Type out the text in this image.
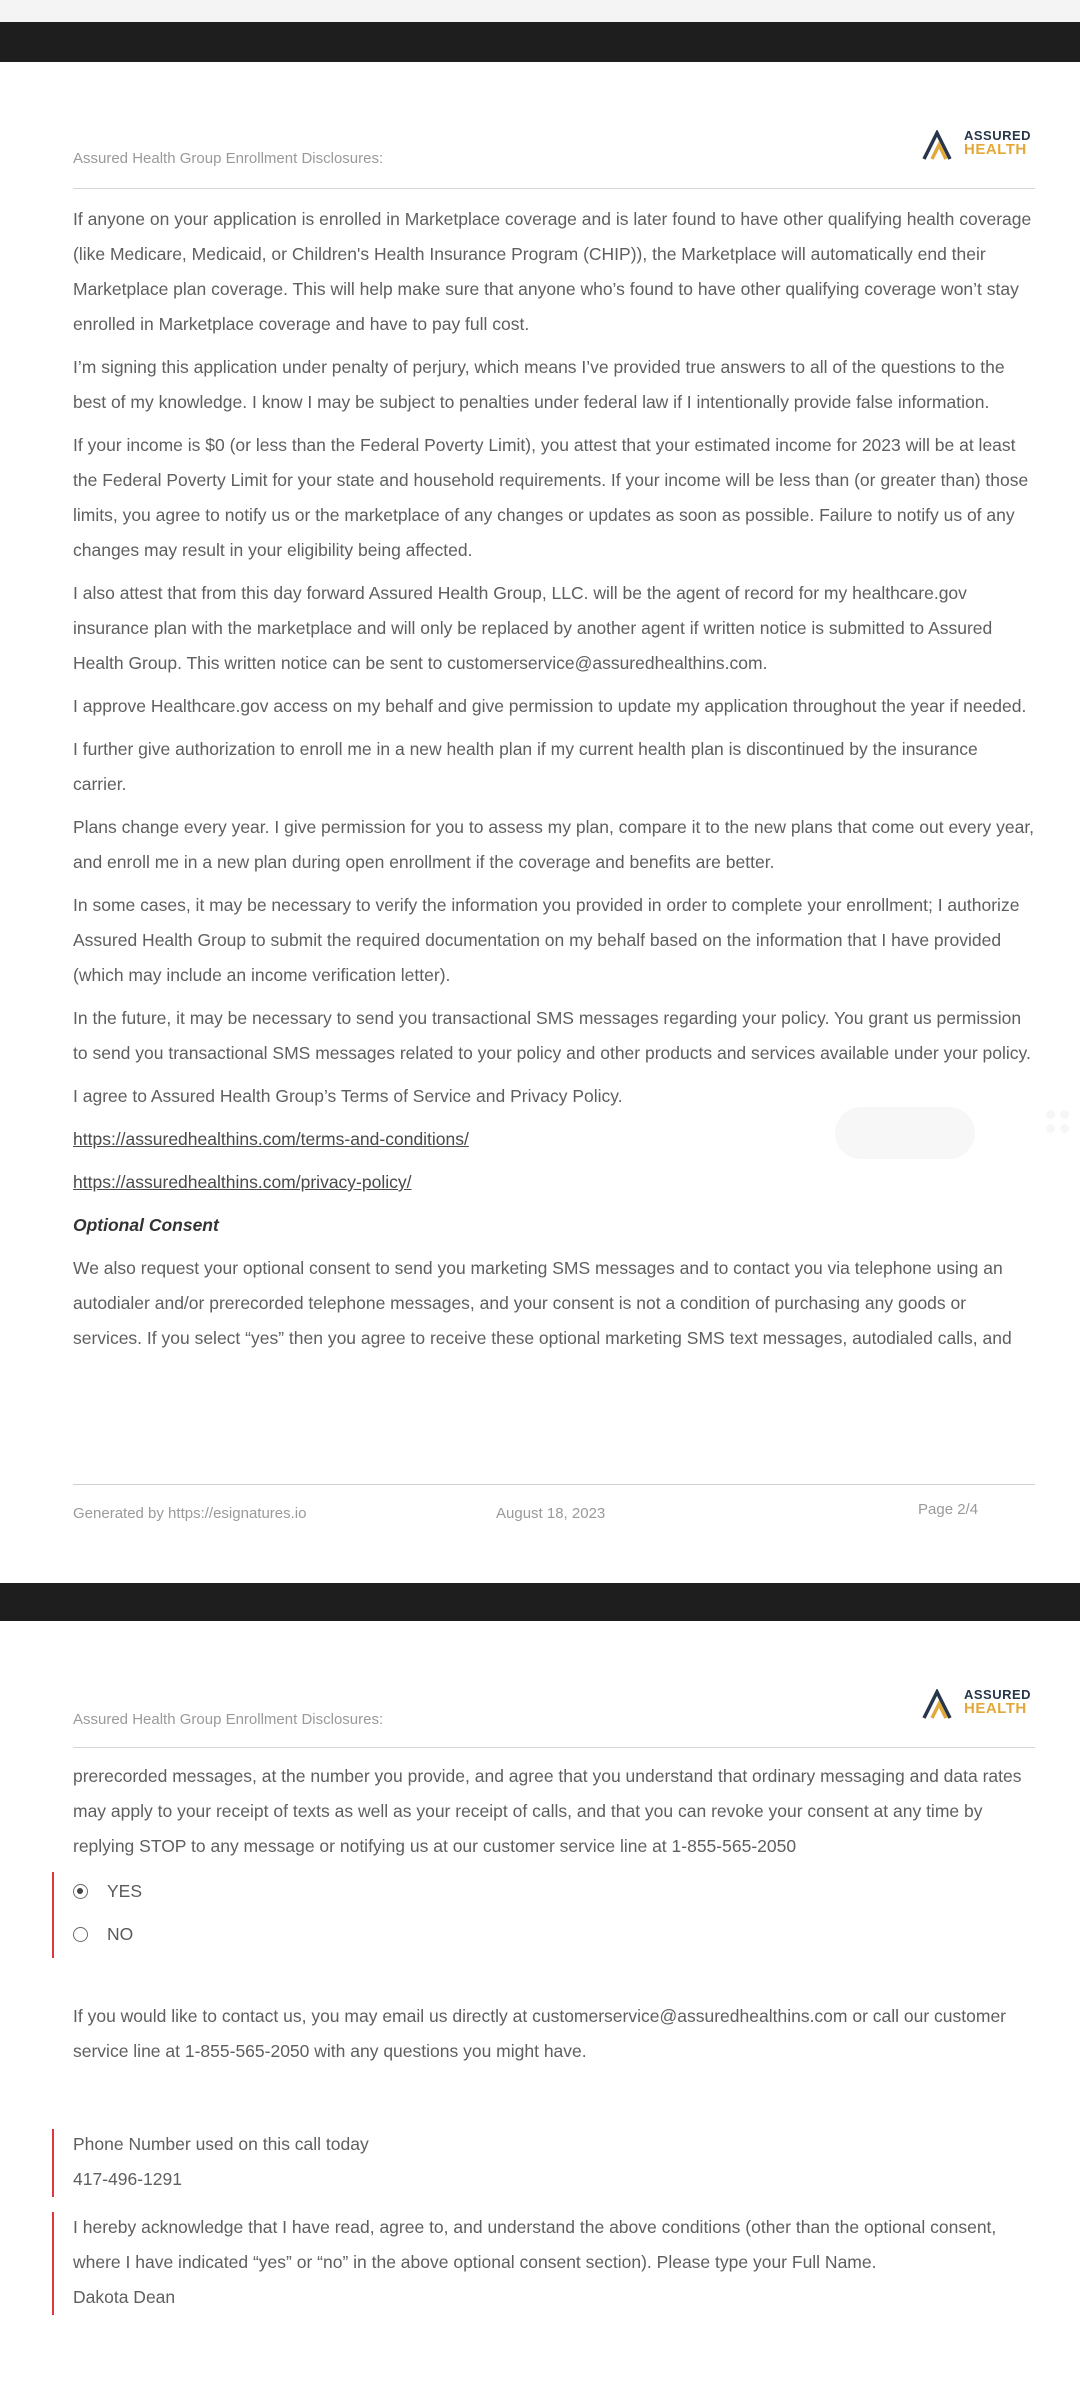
ASSURED
HEALTH
Assured Health Group Enrollment Disclosures:

If anyone on your application is enrolled in Marketplace coverage and is later found to have other qualifying health coverage (like Medicare, Medicaid, or Children's Health Insurance Program (CHIP)), the Marketplace will automatically end their Marketplace plan coverage. This will help make sure that anyone who’s found to have other qualifying coverage won’t stay enrolled in Marketplace coverage and have to pay full cost.

I’m signing this application under penalty of perjury, which means I’ve provided true answers to all of the questions to the best of my knowledge. I know I may be subject to penalties under federal law if I intentionally provide false information.

If your income is $0 (or less than the Federal Poverty Limit), you attest that your estimated income for 2023 will be at least the Federal Poverty Limit for your state and household requirements. If your income will be less than (or greater than) those limits, you agree to notify us or the marketplace of any changes or updates as soon as possible. Failure to notify us of any changes may result in your eligibility being affected.

I also attest that from this day forward Assured Health Group, LLC. will be the agent of record for my healthcare.gov insurance plan with the marketplace and will only be replaced by another agent if written notice is submitted to Assured Health Group. This written notice can be sent to customerservice@assuredhealthins.com.

I approve Healthcare.gov access on my behalf and give permission to update my application throughout the year if needed.

I further give authorization to enroll me in a new health plan if my current health plan is discontinued by the insurance carrier.

Plans change every year. I give permission for you to assess my plan, compare it to the new plans that come out every year, and enroll me in a new plan during open enrollment if the coverage and benefits are better.

In some cases, it may be necessary to verify the information you provided in order to complete your enrollment; I authorize Assured Health Group to submit the required documentation on my behalf based on the information that I have provided (which may include an income verification letter).

In the future, it may be necessary to send you transactional SMS messages regarding your policy. You grant us permission to send you transactional SMS messages related to your policy and other products and services available under your policy.

I agree to Assured Health Group’s Terms of Service and Privacy Policy.

https://assuredhealthins.com/terms-and-conditions/
https://assuredhealthins.com/privacy-policy/

Optional Consent

We also request your optional consent to send you marketing SMS messages and to contact you via telephone using an autodialer and/or prerecorded telephone messages, and your consent is not a condition of purchasing any goods or services. If you select “yes” then you agree to receive these optional marketing SMS text messages, autodialed calls, and

Generated by https://esignatures.io	August 18, 2023	Page 2/4
ASSURED
HEALTH
Assured Health Group Enrollment Disclosures:

prerecorded messages, at the number you provide, and agree that you understand that ordinary messaging and data rates may apply to your receipt of texts as well as your receipt of calls, and that you can revoke your consent at any time by replying STOP to any message or notifying us at our customer service line at 1-855-565-2050

YES
NO

If you would like to contact us, you may email us directly at customerservice@assuredhealthins.com or call our customer service line at 1-855-565-2050 with any questions you might have.

Phone Number used on this call today
417-496-1291

I hereby acknowledge that I have read, agree to, and understand the above conditions (other than the optional consent, where I have indicated “yes” or “no” in the above optional consent section). Please type your Full Name.

Dakota Dean
